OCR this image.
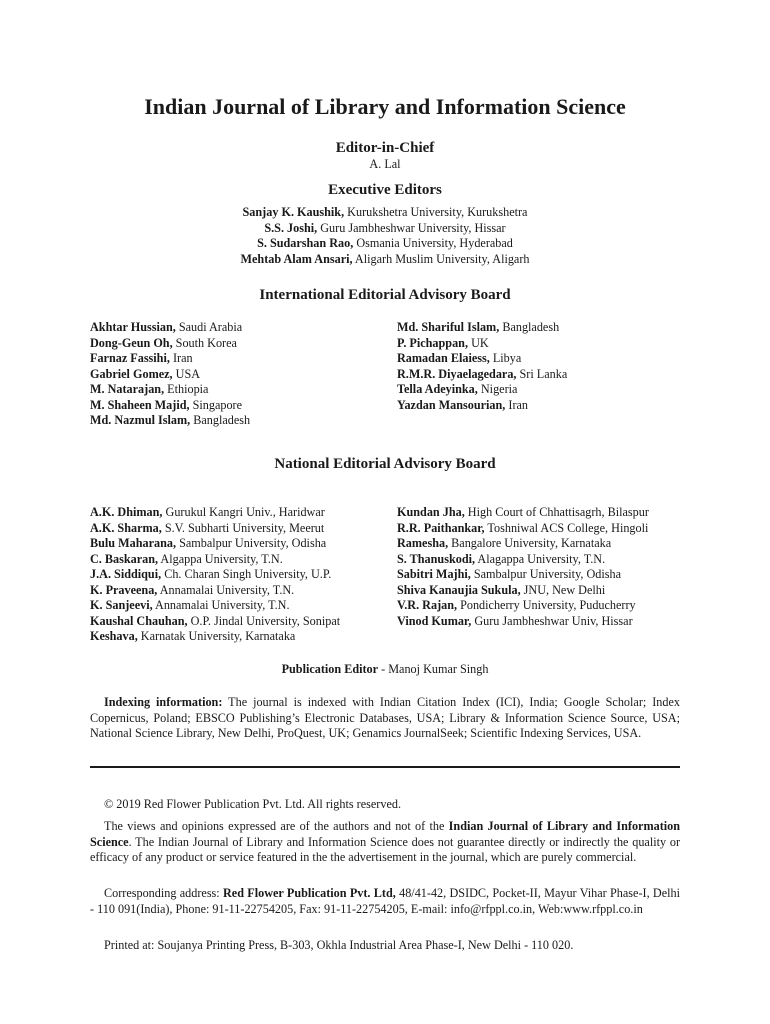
Indian Journal of Library and Information Science
Editor-in-Chief
A. Lal
Executive Editors
Sanjay K. Kaushik, Kurukshetra University, Kurukshetra
S.S. Joshi, Guru Jambheshwar University, Hissar
S. Sudarshan Rao, Osmania University, Hyderabad
Mehtab Alam Ansari, Aligarh Muslim University, Aligarh
International Editorial Advisory Board
Akhtar Hussian, Saudi Arabia
Dong-Geun Oh, South Korea
Farnaz Fassihi, Iran
Gabriel Gomez, USA
M. Natarajan, Ethiopia
M. Shaheen Majid, Singapore
Md. Nazmul Islam, Bangladesh
Md. Shariful Islam, Bangladesh
P. Pichappan, UK
Ramadan Elaiess, Libya
R.M.R. Diyaelagedara, Sri Lanka
Tella Adeyinka, Nigeria
Yazdan Mansourian, Iran
National Editorial Advisory Board
A.K. Dhiman, Gurukul Kangri Univ., Haridwar
A.K. Sharma, S.V. Subharti University, Meerut
Bulu Maharana, Sambalpur University, Odisha
C. Baskaran, Algappa University, T.N.
J.A. Siddiqui, Ch. Charan Singh University, U.P.
K. Praveena, Annamalai University, T.N.
K. Sanjeevi, Annamalai University, T.N.
Kaushal Chauhan, O.P. Jindal University, Sonipat
Keshava, Karnatak University, Karnataka
Kundan Jha, High Court of Chhattisagrh, Bilaspur
R.R. Paithankar, Toshniwal ACS College, Hingoli
Ramesha, Bangalore University, Karnataka
S. Thanuskodi, Alagappa University, T.N.
Sabitri Majhi, Sambalpur University, Odisha
Shiva Kanaujia Sukula, JNU, New Delhi
V.R. Rajan, Pondicherry University, Puducherry
Vinod Kumar, Guru Jambheshwar Univ, Hissar
Publication Editor - Manoj Kumar Singh
Indexing information: The journal is indexed with Indian Citation Index (ICI), India; Google Scholar; Index Copernicus, Poland; EBSCO Publishing’s Electronic Databases, USA; Library & Information Science Source, USA; National Science Library, New Delhi, ProQuest, UK; Genamics JournalSeek; Scientific Indexing Services, USA.
© 2019 Red Flower Publication Pvt. Ltd. All rights reserved.
The views and opinions expressed are of the authors and not of the Indian Journal of Library and Information Science. The Indian Journal of Library and Information Science does not guarantee directly or indirectly the quality or efficacy of any product or service featured in the the advertisement in the journal, which are purely commercial.
Corresponding address: Red Flower Publication Pvt. Ltd, 48/41-42, DSIDC, Pocket-II, Mayur Vihar Phase-I, Delhi - 110 091(India), Phone: 91-11-22754205, Fax: 91-11-22754205, E-mail: info@rfppl.co.in, Web:www.rfppl.co.in
Printed at: Soujanya Printing Press, B-303, Okhla Industrial Area Phase-I, New Delhi - 110 020.
